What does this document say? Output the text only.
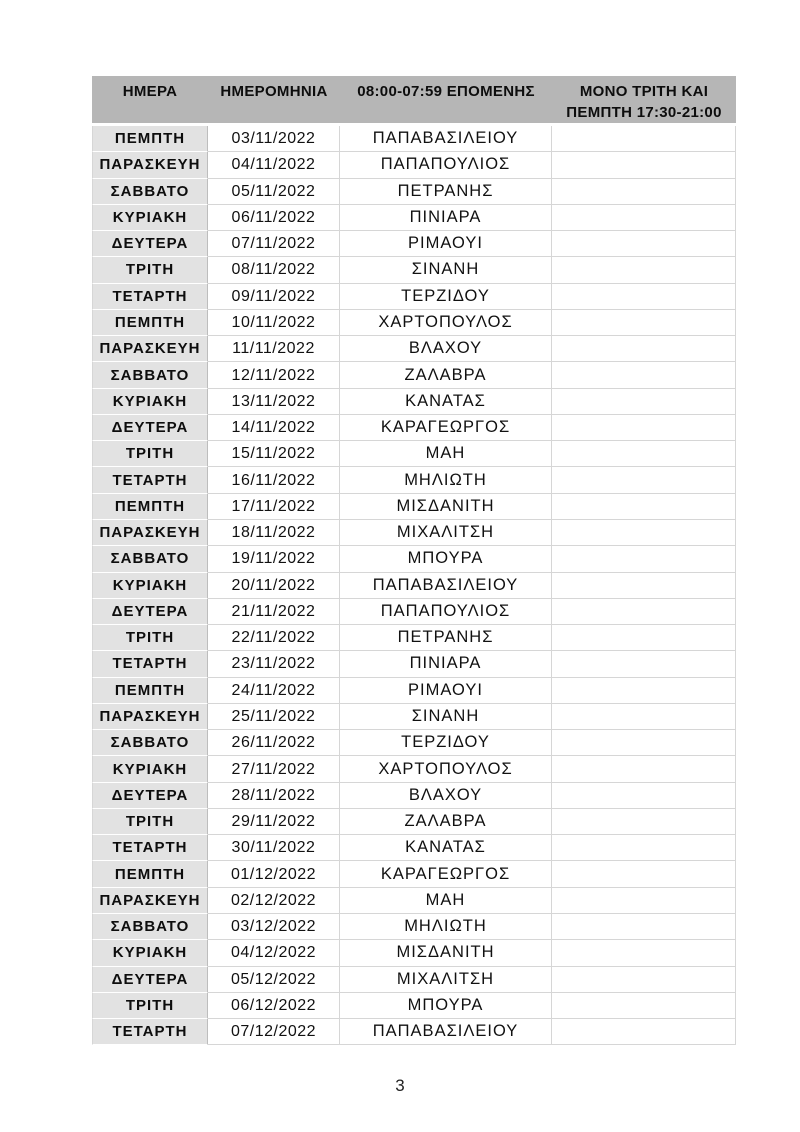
ΗΜΕΡΑ	ΗΜΕΡΟΜΗΝΙΑ	08:00-07:59 ΕΠΟΜΕΝΗΣ	ΜΟΝΟ ΤΡΙΤΗ ΚΑΙ
ΠΕΜΠΤΗ 17:30-21:00

ΠΕΜΠΤΗ	03/11/2022	ΠΑΠΑΒΑΣΙΛΕΙΟΥ	
ΠΑΡΑΣΚΕΥΗ	04/11/2022	ΠΑΠΑΠΟΥΛΙΟΣ	
ΣΑΒΒΑΤΟ	05/11/2022	ΠΕΤΡΑΝΗΣ	
ΚΥΡΙΑΚΗ	06/11/2022	ΠΙΝΙΑΡΑ	
ΔΕΥΤΕΡΑ	07/11/2022	ΡΙΜΑΟΥΙ	
ΤΡΙΤΗ	08/11/2022	ΣΙΝΑΝΗ	
ΤΕΤΑΡΤΗ	09/11/2022	ΤΕΡΖΙΔΟΥ	
ΠΕΜΠΤΗ	10/11/2022	ΧΑΡΤΟΠΟΥΛΟΣ	
ΠΑΡΑΣΚΕΥΗ	11/11/2022	ΒΛΑΧΟΥ	
ΣΑΒΒΑΤΟ	12/11/2022	ΖΑΛΑΒΡΑ	
ΚΥΡΙΑΚΗ	13/11/2022	ΚΑΝΑΤΑΣ	
ΔΕΥΤΕΡΑ	14/11/2022	ΚΑΡΑΓΕΩΡΓΟΣ	
ΤΡΙΤΗ	15/11/2022	ΜΑΗ	
ΤΕΤΑΡΤΗ	16/11/2022	ΜΗΛΙΩΤΗ	
ΠΕΜΠΤΗ	17/11/2022	ΜΙΣΔΑΝΙΤΗ	
ΠΑΡΑΣΚΕΥΗ	18/11/2022	ΜΙΧΑΛΙΤΣΗ	
ΣΑΒΒΑΤΟ	19/11/2022	ΜΠΟΥΡΑ	
ΚΥΡΙΑΚΗ	20/11/2022	ΠΑΠΑΒΑΣΙΛΕΙΟΥ	
ΔΕΥΤΕΡΑ	21/11/2022	ΠΑΠΑΠΟΥΛΙΟΣ	
ΤΡΙΤΗ	22/11/2022	ΠΕΤΡΑΝΗΣ	
ΤΕΤΑΡΤΗ	23/11/2022	ΠΙΝΙΑΡΑ	
ΠΕΜΠΤΗ	24/11/2022	ΡΙΜΑΟΥΙ	
ΠΑΡΑΣΚΕΥΗ	25/11/2022	ΣΙΝΑΝΗ	
ΣΑΒΒΑΤΟ	26/11/2022	ΤΕΡΖΙΔΟΥ	
ΚΥΡΙΑΚΗ	27/11/2022	ΧΑΡΤΟΠΟΥΛΟΣ	
ΔΕΥΤΕΡΑ	28/11/2022	ΒΛΑΧΟΥ	
ΤΡΙΤΗ	29/11/2022	ΖΑΛΑΒΡΑ	
ΤΕΤΑΡΤΗ	30/11/2022	ΚΑΝΑΤΑΣ	
ΠΕΜΠΤΗ	01/12/2022	ΚΑΡΑΓΕΩΡΓΟΣ	
ΠΑΡΑΣΚΕΥΗ	02/12/2022	ΜΑΗ	
ΣΑΒΒΑΤΟ	03/12/2022	ΜΗΛΙΩΤΗ	
ΚΥΡΙΑΚΗ	04/12/2022	ΜΙΣΔΑΝΙΤΗ	
ΔΕΥΤΕΡΑ	05/12/2022	ΜΙΧΑΛΙΤΣΗ	
ΤΡΙΤΗ	06/12/2022	ΜΠΟΥΡΑ	
ΤΕΤΑΡΤΗ	07/12/2022	ΠΑΠΑΒΑΣΙΛΕΙΟΥ	
3
